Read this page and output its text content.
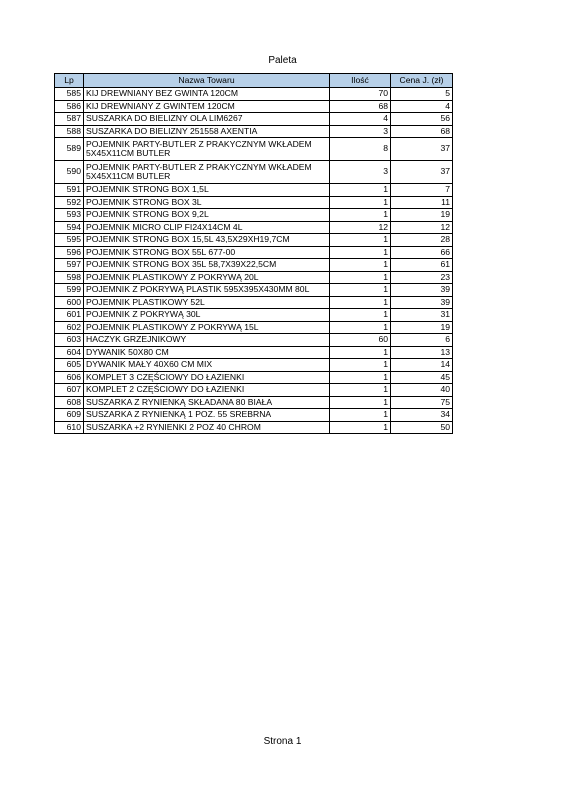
Paleta
Lp	Nazwa Towaru	Ilość	Cena J. (zł)
585	KIJ DREWNIANY BEZ GWINTA 120CM	70	5
586	KIJ DREWNIANY Z GWINTEM 120CM	68	4
587	SUSZARKA DO BIELIZNY OLA LIM6267	4	56
588	SUSZARKA DO BIELIZNY 251558 AXENTIA	3	68
589	POJEMNIK PARTY-BUTLER Z PRAKYCZNYM WKŁADEM 5X45X11CM BUTLER	8	37
590	POJEMNIK PARTY-BUTLER Z PRAKYCZNYM WKŁADEM 5X45X11CM BUTLER	3	37
591	POJEMNIK STRONG BOX 1,5L	1	7
592	POJEMNIK STRONG BOX 3L	1	11
593	POJEMNIK STRONG BOX 9,2L	1	19
594	POJEMNIK MICRO CLIP FI24X14CM 4L	12	12
595	POJEMNIK STRONG BOX 15,5L 43,5X29XH19,7CM	1	28
596	POJEMNIK STRONG BOX 55L 677-00	1	66
597	POJEMNIK STRONG BOX 35L 58,7X39X22,5CM	1	61
598	POJEMNIK PLASTIKOWY Z POKRYWĄ 20L	1	23
599	POJEMNIK Z POKRYWĄ PLASTIK 595X395X430MM 80L	1	39
600	POJEMNIK PLASTIKOWY 52L	1	39
601	POJEMNIK Z POKRYWĄ 30L	1	31
602	POJEMNIK PLASTIKOWY Z POKRYWĄ 15L	1	19
603	HACZYK GRZEJNIKOWY	60	6
604	DYWANIK 50X80 CM	1	13
605	DYWANIK MAŁY 40X60 CM MIX	1	14
606	KOMPLET 3 CZĘŚCIOWY DO ŁAZIENKI	1	45
607	KOMPLET 2 CZĘŚCIOWY DO ŁAZIENKI	1	40
608	SUSZARKA Z RYNIENKĄ SKŁADANA 80 BIAŁA	1	75
609	SUSZARKA Z RYNIENKĄ 1 POZ. 55 SREBRNA	1	34
610	SUSZARKA +2 RYNIENKI 2 POZ 40 CHROM	1	50
Strona 1
